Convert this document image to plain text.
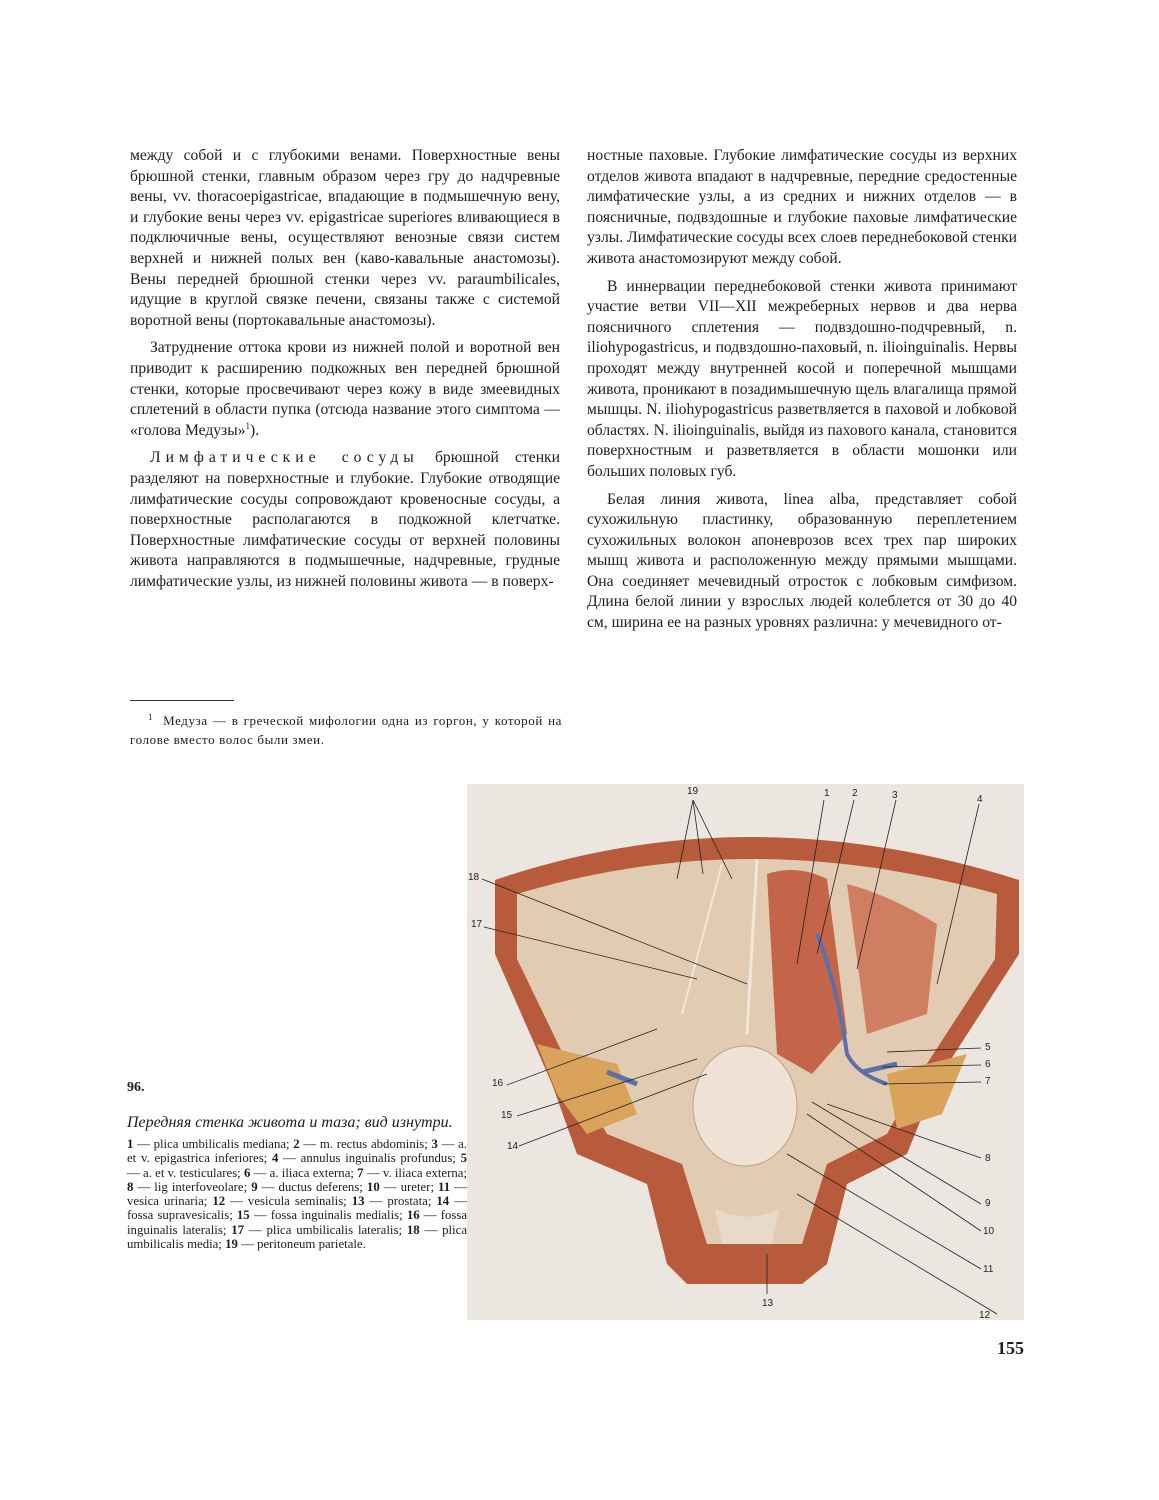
между собой и с глубокими венами. Поверхностные вены брюшной стенки, главным образом через гру до надчревные вены, vv. thoracoepigastricae, впадающие в подмышечную вену, и глубокие вены через vv. epigastricae superiores вливающиеся в подключичные вены, осуществляют венозные связи систем верхней и нижней полых вен (каво-кавальные анастомозы). Вены передней брюшной стенки через vv. paraumbilicales, идущие в круглой связке печени, связаны также с системой воротной вены (портокавальные анастомозы).

Затруднение оттока крови из нижней полой и воротной вен приводит к расширению подкожных вен передней брюшной стенки, которые просвечивают через кожу в виде змеевидных сплетений в области пупка (отсюда название этого симптома — «голова Медузы»$^1$).

Лимфатические сосуды брюшной стенки разделяют на поверхностные и глубокие. Глубокие отводящие лимфатические сосуды сопровождают кровеносные сосуды, а поверхностные располагаются в подкожной клетчатке. Поверхностные лимфатические сосуды от верхней половины живота направляются в подмышечные, надчревные, грудные лимфатические узлы, из нижней половины живота — в поверх-

ностные паховые. Глубокие лимфатические сосуды из верхних отделов живота впадают в надчревные, передние средостенные лимфатические узлы, а из средних и нижних отделов — в поясничные, подвздошные и глубокие паховые лимфатические узлы. Лимфатические сосуды всех слоев переднебоковой стенки живота анастомозируют между собой.

В иннервации переднебоковой стенки живота принимают участие ветви VII—XII межреберных нервов и два нерва поясничного сплетения — подвздошно-подчревный, n. iliohypogastricus, и подвздошно-паховый, n. ilioinguinalis. Нервы проходят между внутренней косой и поперечной мышцами живота, проникают в позадимышечную щель влагалища прямой мышцы. N. iliohypogastricus разветвляется в паховой и лобковой областях. N. ilioinguinalis, выйдя из пахового канала, становится поверхностным и разветвляется в области мошонки или больших половых губ.

Белая линия живота, linea alba, представляет собой сухожильную пластинку, образованную переплетением сухожильных волокон апоневрозов всех трех пар широких мышц живота и расположенную между прямыми мышцами. Она соединяет мечевидный отросток с лобковым симфизом. Длина белой линии у взрослых людей колеблется от 30 до 40 см, ширина ее на разных уровнях различна: у мечевидного от-

$^1$ Медуза — в греческой мифологии одна из горгон, у которой на голове вместо волос были змеи.
19	1 2	3	4
18
17
16
15
14
5
6
7
8
9
10
11
12
13
96.
Передняя стенка живота и таза; вид изнутри.
1 — plica umbilicalis mediana; 2 — m. rectus abdominis; 3 — a. et v. epigastrica inferiores; 4 — annulus inguinalis profundus; 5 — a. et v. testiculares; 6 — a. iliaca externa; 7 — v. iliaca externa; 8 — lig interfoveolare; 9 — ductus deferens; 10 — ureter; 11 — vesica urinaria; 12 — vesicula seminalis; 13 — prostata; 14 — fossa supravesicalis; 15 — fossa inguinalis medialis; 16 — fossa inguinalis lateralis; 17 — plica umbilicalis lateralis; 18 — plica umbilicalis media; 19 — peritoneum parietale.
155
